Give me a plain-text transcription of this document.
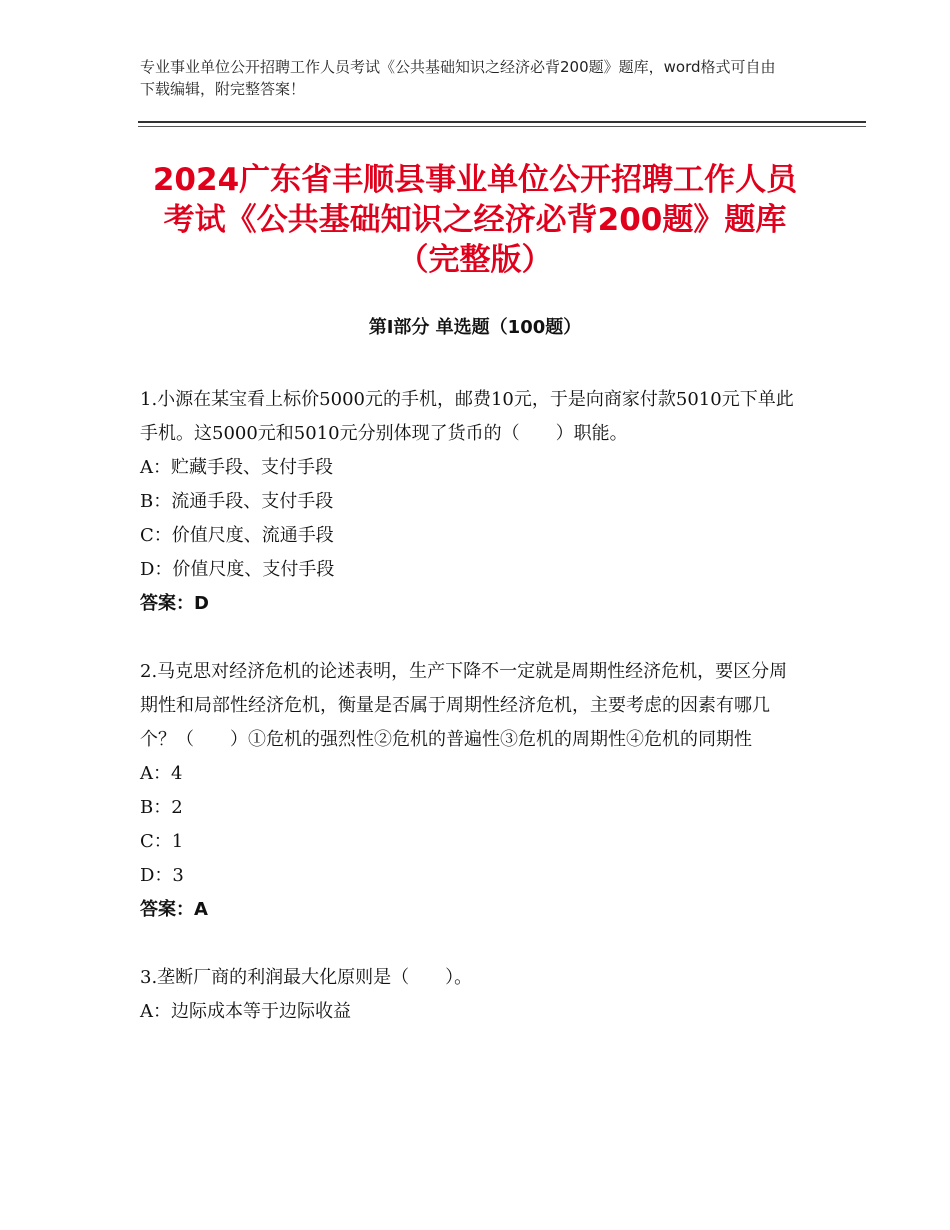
专业事业单位公开招聘工作人员考试《公共基础知识之经济必背200题》题库，word格式可自由下载编辑，附完整答案！
2024广东省丰顺县事业单位公开招聘工作人员考试《公共基础知识之经济必背200题》题库（完整版）
第Ⅰ部分 单选题（100题）

1.小源在某宝看上标价5000元的手机，邮费10元，于是向商家付款5010元下单此手机。这5000元和5010元分别体现了货币的（　　）职能。

A：贮藏手段、支付手段

B：流通手段、支付手段

C：价值尺度、流通手段

D：价值尺度、支付手段

答案：D

2.马克思对经济危机的论述表明，生产下降不一定就是周期性经济危机，要区分周期性和局部性经济危机，衡量是否属于周期性经济危机，主要考虑的因素有哪几个？（　　）①危机的强烈性②危机的普遍性③危机的周期性④危机的同期性

A：4

B：2

C：1

D：3

答案：A

3.垄断厂商的利润最大化原则是（　　）。

A：边际成本等于边际收益
